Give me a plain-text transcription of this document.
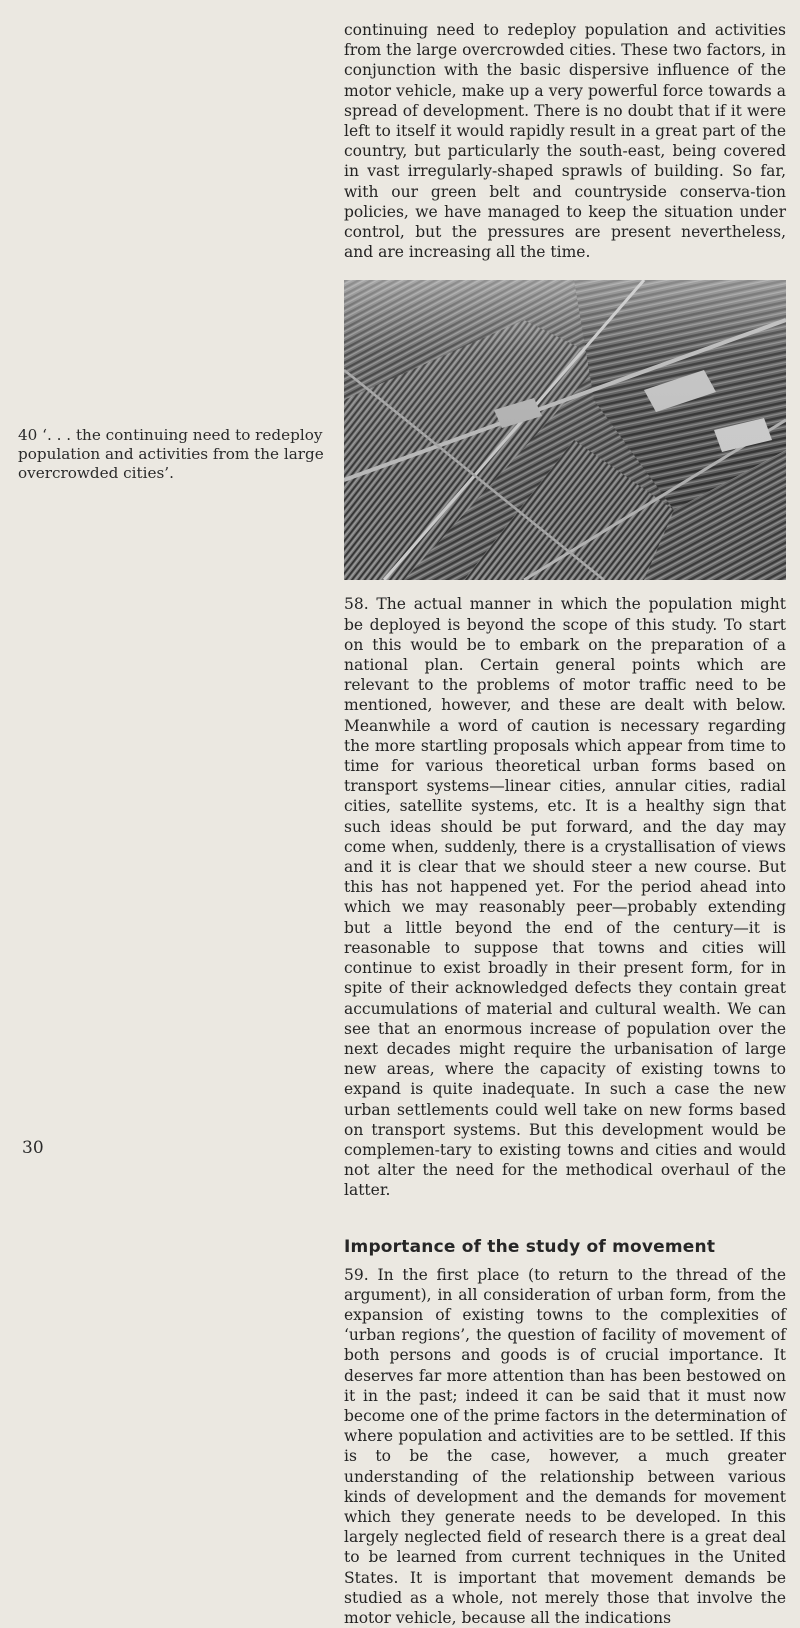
40 ‘. . . the continuing need to redeploy population and activities from the large overcrowded cities’.

continuing need to redeploy population and activities from the large overcrowded cities. These two factors, in conjunction with the basic dispersive influence of the motor vehicle, make up a very powerful force towards a spread of development. There is no doubt that if it were left to itself it would rapidly result in a great part of the country, but particularly the south-east, being covered in vast irregularly-shaped sprawls of building. So far, with our green belt and countryside conserva-tion policies, we have managed to keep the situation under control, but the pressures are present nevertheless, and are increasing all the time.

58. The actual manner in which the population might be deployed is beyond the scope of this study. To start on this would be to embark on the preparation of a national plan. Certain general points which are relevant to the problems of motor traffic need to be mentioned, however, and these are dealt with below. Meanwhile a word of caution is necessary regarding the more startling proposals which appear from time to time for various theoretical urban forms based on transport systems—linear cities, annular cities, radial cities, satellite systems, etc. It is a healthy sign that such ideas should be put forward, and the day may come when, suddenly, there is a crystallisation of views and it is clear that we should steer a new course. But this has not happened yet. For the period ahead into which we may reasonably peer—probably extending but a little beyond the end of the century—it is reasonable to suppose that towns and cities will continue to exist broadly in their present form, for in spite of their acknowledged defects they contain great accumulations of material and cultural wealth. We can see that an enormous increase of population over the next decades might require the urbanisation of large new areas, where the capacity of existing towns to expand is quite inadequate. In such a case the new urban settlements could well take on new forms based on transport systems. But this development would be complemen-tary to existing towns and cities and would not alter the need for the methodical overhaul of the latter.

Importance of the study of movement

59. In the first place (to return to the thread of the argument), in all consideration of urban form, from the expansion of existing towns to the complexities of ‘urban regions’, the question of facility of movement of both persons and goods is of crucial importance. It deserves far more attention than has been bestowed on it in the past; indeed it can be said that it must now become one of the prime factors in the determination of where population and activities are to be settled. If this is to be the case, however, a much greater understanding of the relationship between various kinds of development and the demands for movement which they generate needs to be developed. In this largely neglected field of research there is a great deal to be learned from current techniques in the United States. It is important that movement demands be studied as a whole, not merely those that involve the motor vehicle, because all the indications

30
